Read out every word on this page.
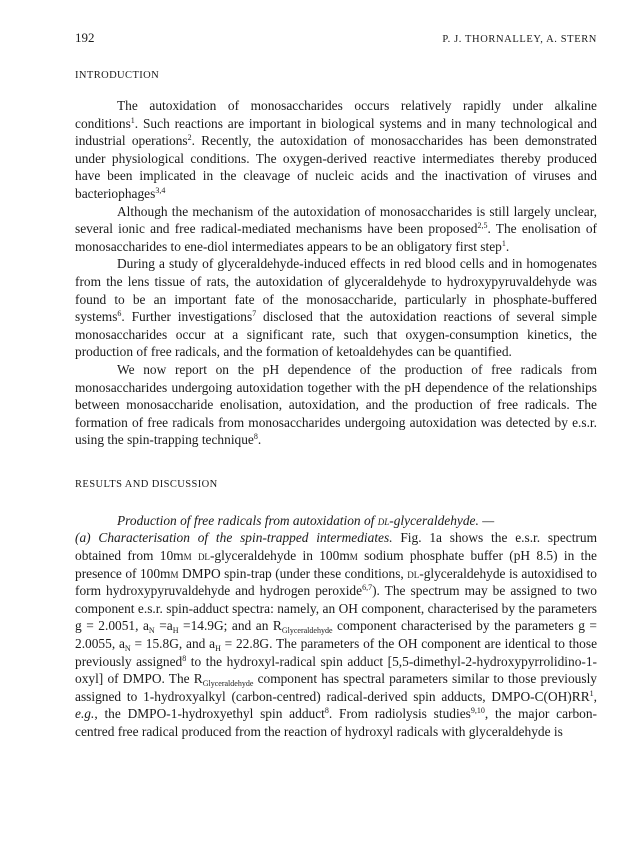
192	P. J. THORNALLEY, A. STERN
INTRODUCTION

The autoxidation of monosaccharides occurs relatively rapidly under alkaline conditions$^1$. Such reactions are important in biological systems and in many technological and industrial operations$^2$. Recently, the autoxidation of monosaccharides has been demonstrated under physiological conditions. The oxygen-derived reactive intermediates thereby produced have been implicated in the cleavage of nucleic acids and the inactivation of viruses and bacteriophages$^{3,4}$

Although the mechanism of the autoxidation of monosaccharides is still largely unclear, several ionic and free radical-mediated mechanisms have been proposed$^{2,5}$. The enolisation of monosaccharides to ene-diol intermediates appears to be an obligatory first step$^1$.

During a study of glyceraldehyde-induced effects in red blood cells and in homogenates from the lens tissue of rats, the autoxidation of glyceraldehyde to hydroxypyruvaldehyde was found to be an important fate of the monosaccharide, particularly in phosphate-buffered systems$^6$. Further investigations$^7$ disclosed that the autoxidation reactions of several simple monosaccharides occur at a significant rate, such that oxygen-consumption kinetics, the production of free radicals, and the formation of ketoaldehydes can be quantified.

We now report on the pH dependence of the production of free radicals from monosaccharides undergoing autoxidation together with the pH dependence of the relationships between monosaccharide enolisation, autoxidation, and the production of free radicals. The formation of free radicals from monosaccharides undergoing autoxidation was detected by e.s.r. using the spin-trapping technique$^8$.

RESULTS AND DISCUSSION

Production of free radicals from autoxidation of dl-glyceraldehyde. —
(a) Characterisation of the spin-trapped intermediates. Fig. 1a shows the e.s.r. spectrum obtained from 10mm dl-glyceraldehyde in 100mm sodium phosphate buffer (pH 8.5) in the presence of 100mm DMPO spin-trap (under these conditions, dl-glyceraldehyde is autoxidised to form hydroxypyruvaldehyde and hydrogen peroxide$^{6,7}$). The spectrum may be assigned to two component e.s.r. spin-adduct spectra: namely, an OH component, characterised by the parameters g = 2.0051, $a_N =a_H =14.9G$; and an $R_{Glyceraldehyde}$ component characterised by the parameters g = 2.0055, $a_N = 15.8G$, and $a_H = 22.8G$. The parameters of the OH component are identical to those previously assigned$^8$ to the hydroxyl-radical spin adduct [5,5-dimethyl-2-hydroxypyrrolidino-1-oxyl] of DMPO. The $R_{Glyceraldehyde}$ component has spectral parameters similar to those previously assigned to 1-hydroxyalkyl (carbon-centred) radical-derived spin adducts, DMPO-$C(OH)RR^1$, e.g., the DMPO-1-hydroxyethyl spin adduct$^8$. From radiolysis studies$^{9,10}$, the major carbon-centred free radical produced from the reaction of hydroxyl radicals with glyceraldehyde is
